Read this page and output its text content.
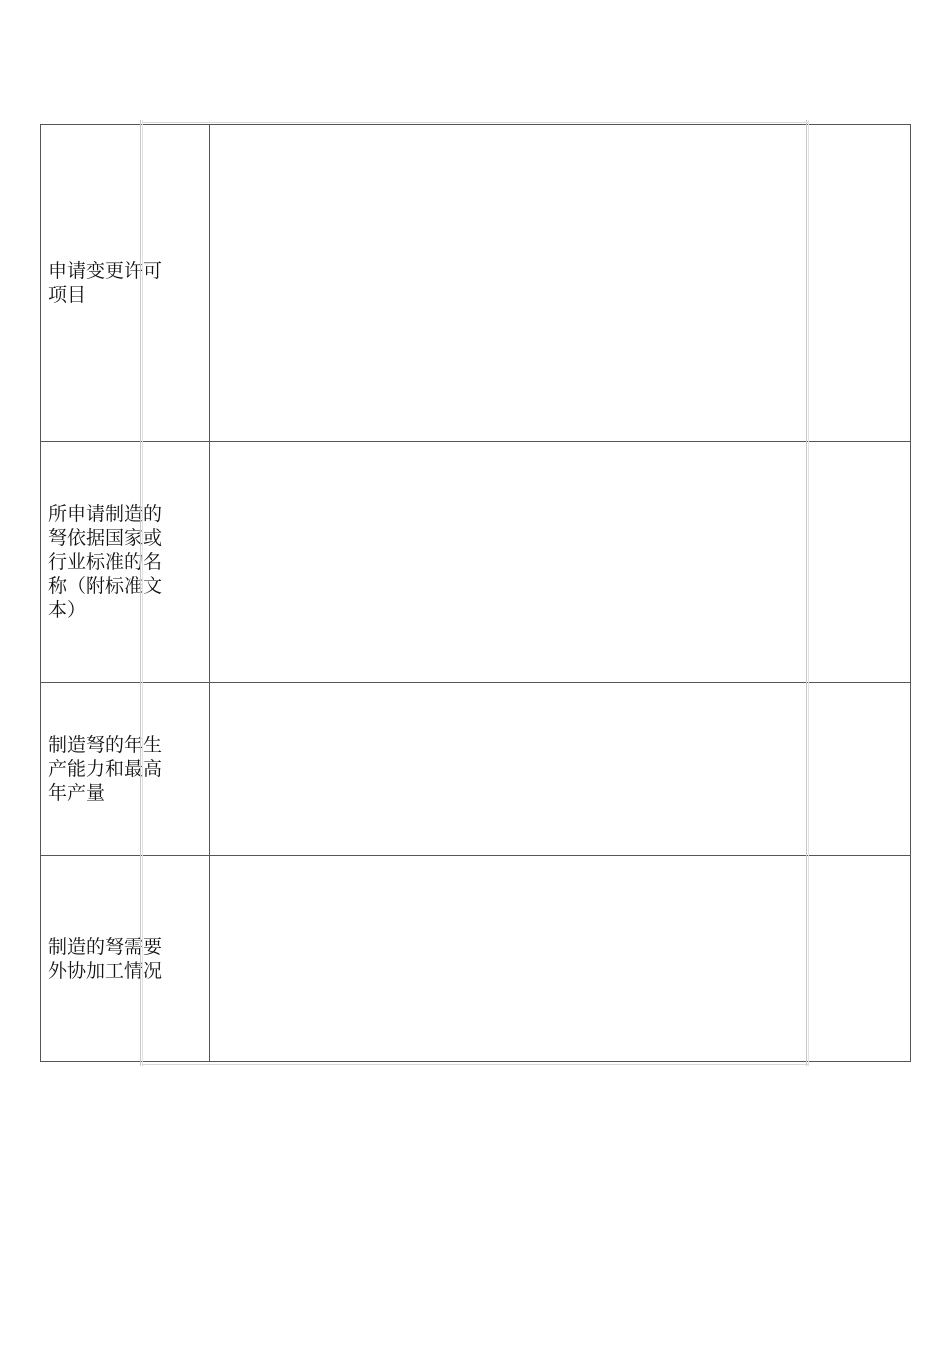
申请变更许可
项目
所申请制造的
弩依据国家或
行业标准的名
称（附标准文
本）
制造弩的年生
产能力和最高
年产量
制造的弩需要
外协加工情况
